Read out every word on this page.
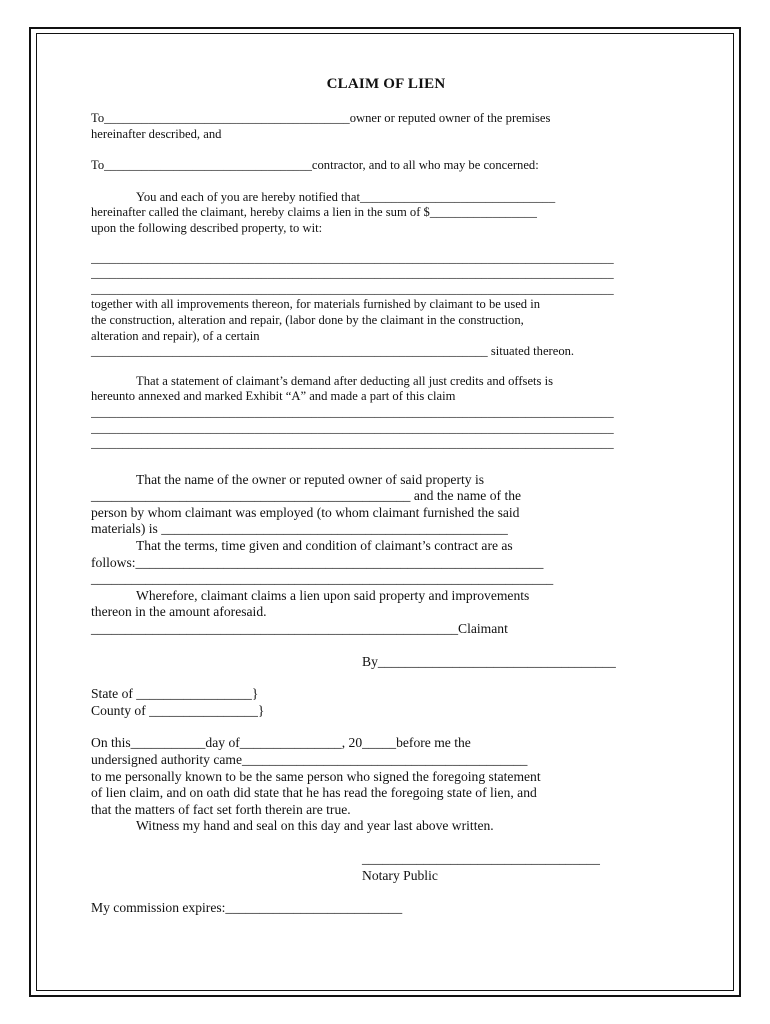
CLAIM OF LIEN

To_______________________________________owner or reputed owner of the premises

hereinafter described, and

To_________________________________contractor, and to all who may be concerned:

You and each of you are hereby notified that_______________________________

hereinafter called the claimant, hereby claims a lien in the sum of $_________________

upon the following described property, to wit:

___________________________________________________________________________________

___________________________________________________________________________________

___________________________________________________________________________________

together with all improvements thereon, for materials furnished by claimant to be used in

the construction, alteration and repair, (labor done by the claimant in the construction,

alteration and repair), of a certain

_______________________________________________________________ situated thereon.

That a statement of claimant’s demand after deducting all just credits and offsets is

hereunto annexed and marked Exhibit “A” and made a part of this claim

___________________________________________________________________________________

___________________________________________________________________________________

___________________________________________________________________________________

That the name of the owner or reputed owner of said property is

_______________________________________________ and the name of the

person by whom claimant was employed (to whom claimant furnished the said

materials) is ___________________________________________________

That the terms, time given and condition of claimant’s contract are as

follows:____________________________________________________________

____________________________________________________________________

Wherefore, claimant claims a lien upon said property and improvements

thereon in the amount aforesaid.

______________________________________________________Claimant

By___________________________________

State of _________________}

County of ________________}

On this___________day of_______________, 20_____before me the

undersigned authority came__________________________________________

to me personally known to be the same person who signed the foregoing statement

of lien claim, and on oath did state that he has read the foregoing state of lien, and

that the matters of fact set forth therein are true.

Witness my hand and seal on this day and year last above written.

___________________________________

Notary Public

My commission expires:__________________________
